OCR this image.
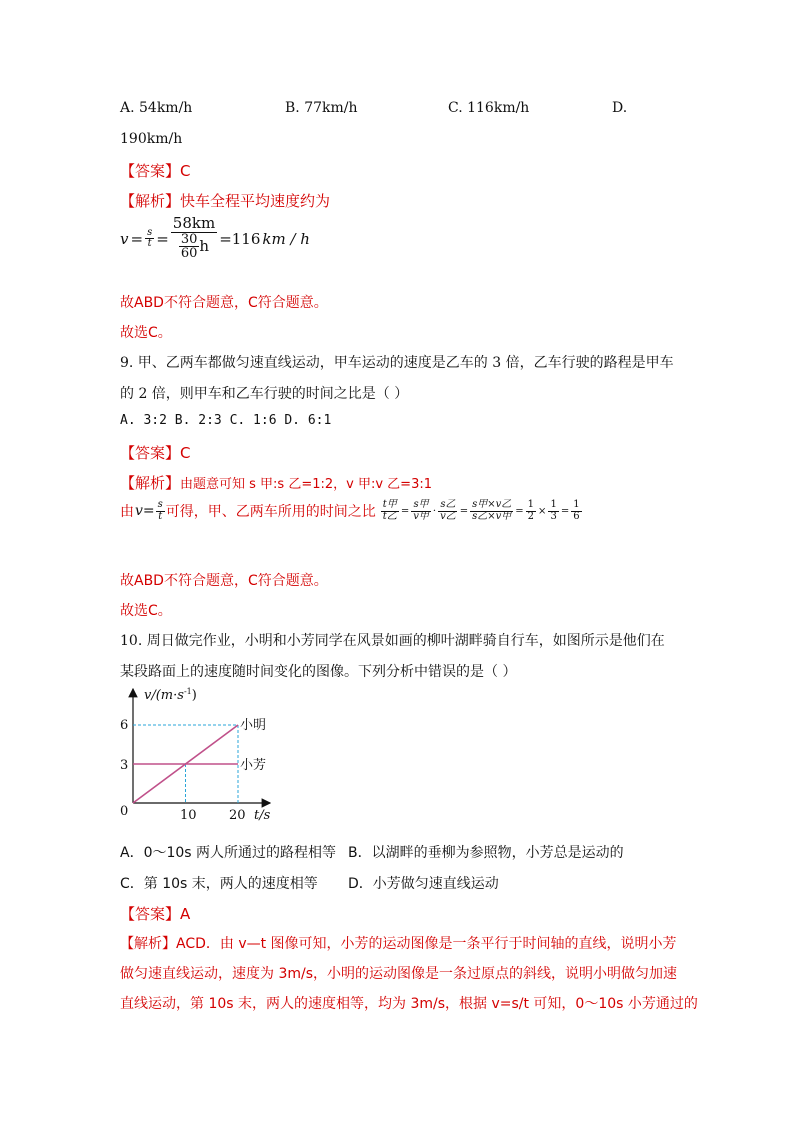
A. 54km/h	B. 77km/h	C. 116km/h	D.
190km/h
【答案】C
【解析】快车全程平均速度约为
$v = \frac{s}{t} = \frac{58km}{\frac{30}{60} h} =116$ km / h
故ABD不符合题意，C符合题意。
故选C。
9. 甲、乙两车都做匀速直线运动，甲车运动的速度是乙车的 3 倍，乙车行驶的路程是甲车
的 2 倍，则甲车和乙车行驶的时间之比是（ ）
A. 3:2 B. 2:3 C. 1:6 D. 6:1
【答案】C
【解析】由题意可知 s 甲:s 乙=1:2，v 甲:v 乙=3:1
由 $v= \frac{s}{t}$ 可得，甲、乙两车所用的时间之比 $\frac{\text{t甲}}{\text{t乙}} = \frac{\text{s甲}}{\text{v甲}} \cdot \frac{\text{s乙}}{\text{v乙}} = \frac{\text{s甲×v乙}}{\text{s乙×v甲}} = \frac{1}{2} \times \frac{1}{3} = \frac{1}{6}$
故ABD不符合题意，C符合题意。
故选C。
10. 周日做完作业，小明和小芳同学在风景如画的柳叶湖畔骑自行车，如图所示是他们在
某段路面上的速度随时间变化的图像。下列分析中错误的是（ ）
$v/(m\cdot s^{-1})$
t/s
0
6
3
10 20
小明
小芳
A．0～10s 两人所通过的路程相等 B．以湖畔的垂柳为参照物，小芳总是运动的
C．第 10s 末，两人的速度相等 D．小芳做匀速直线运动
【答案】A
【解析】ACD．由 v—t 图像可知，小芳的运动图像是一条平行于时间轴的直线，说明小芳
做匀速直线运动，速度为 3m/s，小明的运动图像是一条过原点的斜线，说明小明做匀加速
直线运动，第 10s 末，两人的速度相等，均为 3m/s，根据 v=s/t 可知，0～10s 小芳通过的
